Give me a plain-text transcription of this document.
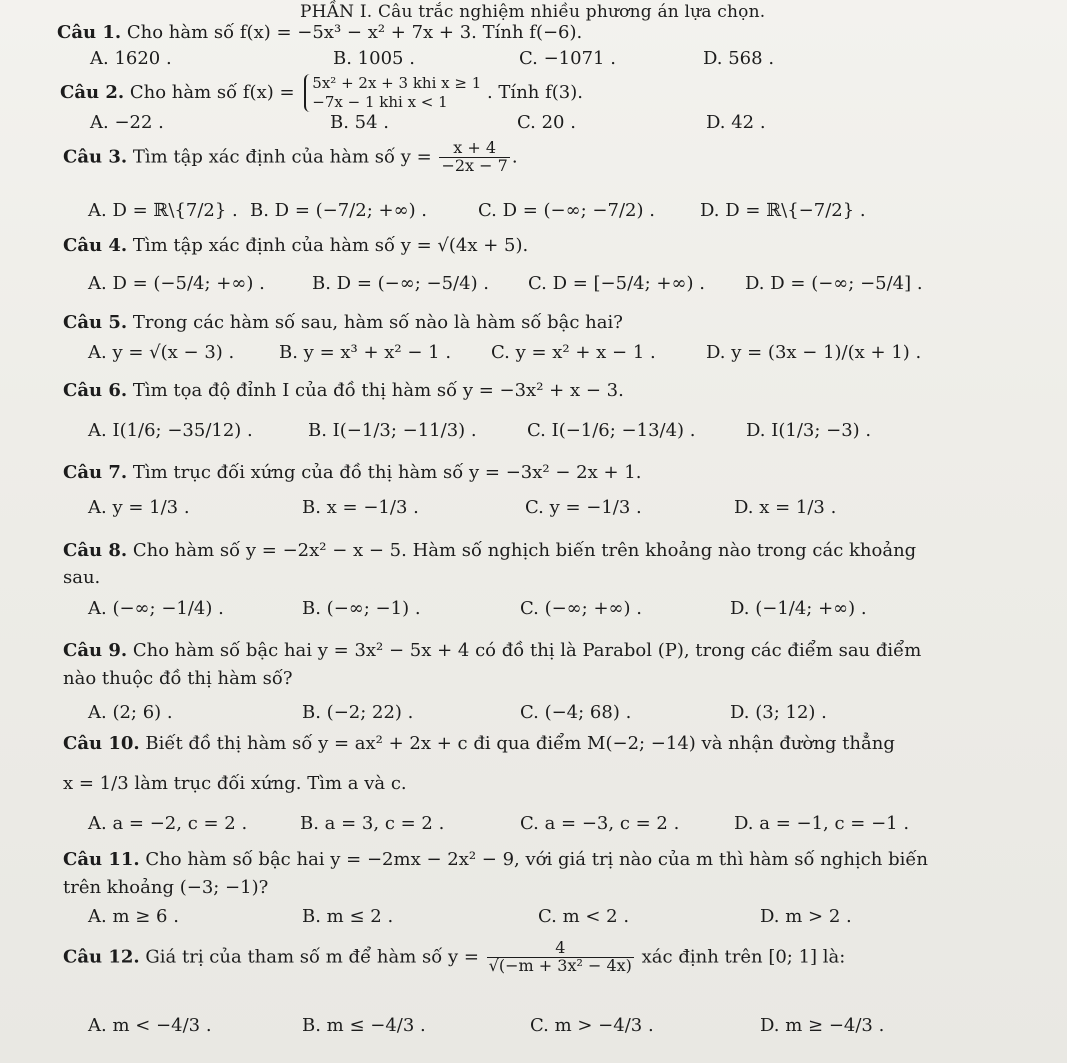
PHẦN I. Câu trắc nghiệm nhiều phương án lựa chọn.
Câu 1. Cho hàm số f(x) = −5x³ − x² + 7x + 3. Tính f(−6).
A. 1620 .	B. 1005 .	C. −1071 .	D. 568 .
Câu 2. Cho hàm số f(x) = 5x² + 2x + 3 khi x ≥ 1
−7x − 1 khi x < 1	. Tính f(3).
A. −22 .	B. 54 .	C. 20 .	D. 42 .
Câu 3. Tìm tập xác định của hàm số $y = \frac{x + 4}{-2x - 7}$ .
A. D = ℝ\{7/2} . B. D = (−7/2; +∞) .	C. D = (−∞; −7/2) .	D. D = ℝ\{−7/2} .
Câu 4. Tìm tập xác định của hàm số y = √(4x + 5).
A. D = (−5/4; +∞) .	B. D = (−∞; −5/4) . C. D = [−5/4; +∞) . D. D = (−∞; −5/4] .
Câu 5. Trong các hàm số sau, hàm số nào là hàm số bậc hai?
A. y = √(x − 3) . B. y = x³ + x² − 1 . C. y = x² + x − 1 .	D. y = (3x − 1)/(x + 1) .
Câu 6. Tìm tọa độ đỉnh I của đồ thị hàm số y = −3x² + x − 3.
A. I(1/6; −35/12) .	B. I(−1/3; −11/3) .	C. I(−1/6; −13/4) .	D. I(1/3; −3) .
Câu 7. Tìm trục đối xứng của đồ thị hàm số y = −3x² − 2x + 1.
A. y = 1/3 .	B. x = −1/3 .	C. y = −1/3 .	D. x = 1/3 .
Câu 8. Cho hàm số y = −2x² − x − 5. Hàm số nghịch biến trên khoảng nào trong các khoảng
sau.
A. (−∞; −1/4) .	B. (−∞; −1) .	C. (−∞; +∞) .	D. (−1/4; +∞) .
Câu 9. Cho hàm số bậc hai y = 3x² − 5x + 4 có đồ thị là Parabol (P), trong các điểm sau điểm
nào thuộc đồ thị hàm số?
A. (2; 6) .	B. (−2; 22) .	C. (−4; 68) .	D. (3; 12) .
Câu 10. Biết đồ thị hàm số y = ax² + 2x + c đi qua điểm M(−2; −14) và nhận đường thẳng
x = 1/3 làm trục đối xứng. Tìm a và c.
A. a = −2, c = 2 .	B. a = 3, c = 2 .	C. a = −3, c = 2 .	D. a = −1, c = −1 .
Câu 11. Cho hàm số bậc hai y = −2mx − 2x² − 9, với giá trị nào của m thì hàm số nghịch biến
trên khoảng (−3; −1)?
A. m ≥ 6 .	B. m ≤ 2 .	C. m < 2 .	D. m > 2 .
Câu 12. Giá trị của tham số m để hàm số $y = \frac{4}{\text{√(−m + 3x² − 4x)}}$ xác định trên [0; 1] là:
A. m < −4/3 .	B. m ≤ −4/3 .	C. m > −4/3 .	D. m ≥ −4/3 .
